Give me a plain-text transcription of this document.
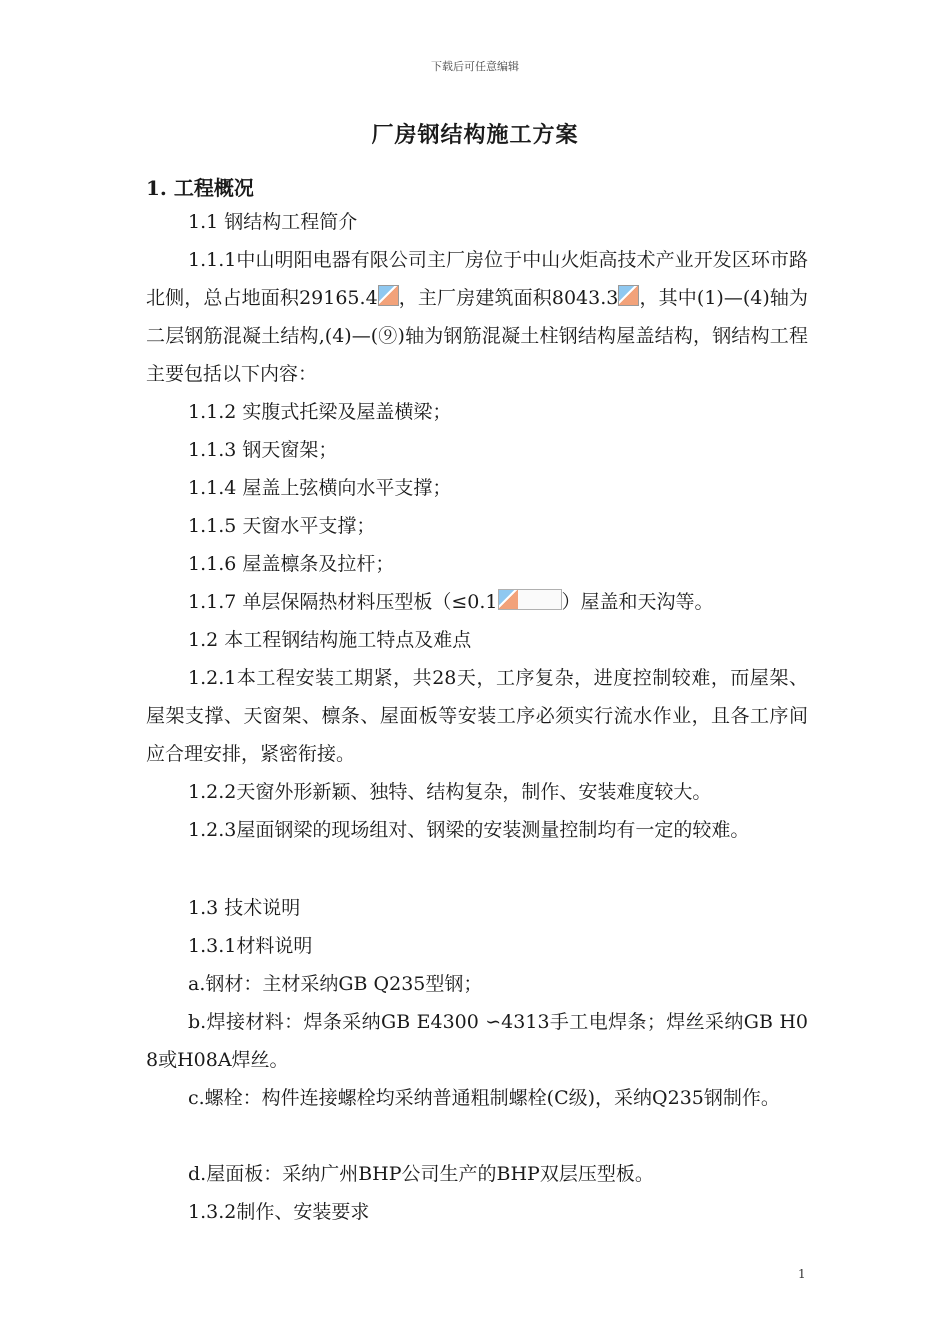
下载后可任意编辑
厂房钢结构施工方案
1. 工程概况

1.1 钢结构工程简介

1.1.1中山明阳电器有限公司主厂房位于中山火炬高技术产业开发区环市路北侧，总占地面积29165.4 ，主厂房建筑面积8043.3 ，其中(1)—(4)轴为二层钢筋混凝土结构,(4)—(⑨)轴为钢筋混凝土柱钢结构屋盖结构，钢结构工程主要包括以下内容：

1.1.2 实腹式托梁及屋盖横梁；

1.1.3 钢天窗架；

1.1.4 屋盖上弦横向水平支撑；

1.1.5 天窗水平支撑；

1.1.6 屋盖檩条及拉杆；

1.1.7 单层保隔热材料压型板（≤0.1	）屋盖和天沟等。

1.2 本工程钢结构施工特点及难点

1.2.1本工程安装工期紧，共28天，工序复杂，进度控制较难，而屋架、屋架支撑、天窗架、檩条、屋面板等安装工序必须实行流水作业，且各工序间应合理安排，紧密衔接。

1.2.2天窗外形新颖、独特、结构复杂，制作、安装难度较大。

1.2.3屋面钢梁的现场组对、钢梁的安装测量控制均有一定的较难。

1.3 技术说明

1.3.1材料说明

a.钢材：主材采纳GB Q235型钢；

b.焊接材料：焊条采纳GB E4300 ∽4313手工电焊条；焊丝采纳GB H08或H08A焊丝。

c.螺栓：构件连接螺栓均采纳普通粗制螺栓(C级)，采纳Q235钢制作。

d.屋面板：采纳广州BHP公司生产的BHP双层压型板。

1.3.2制作、安装要求

1
